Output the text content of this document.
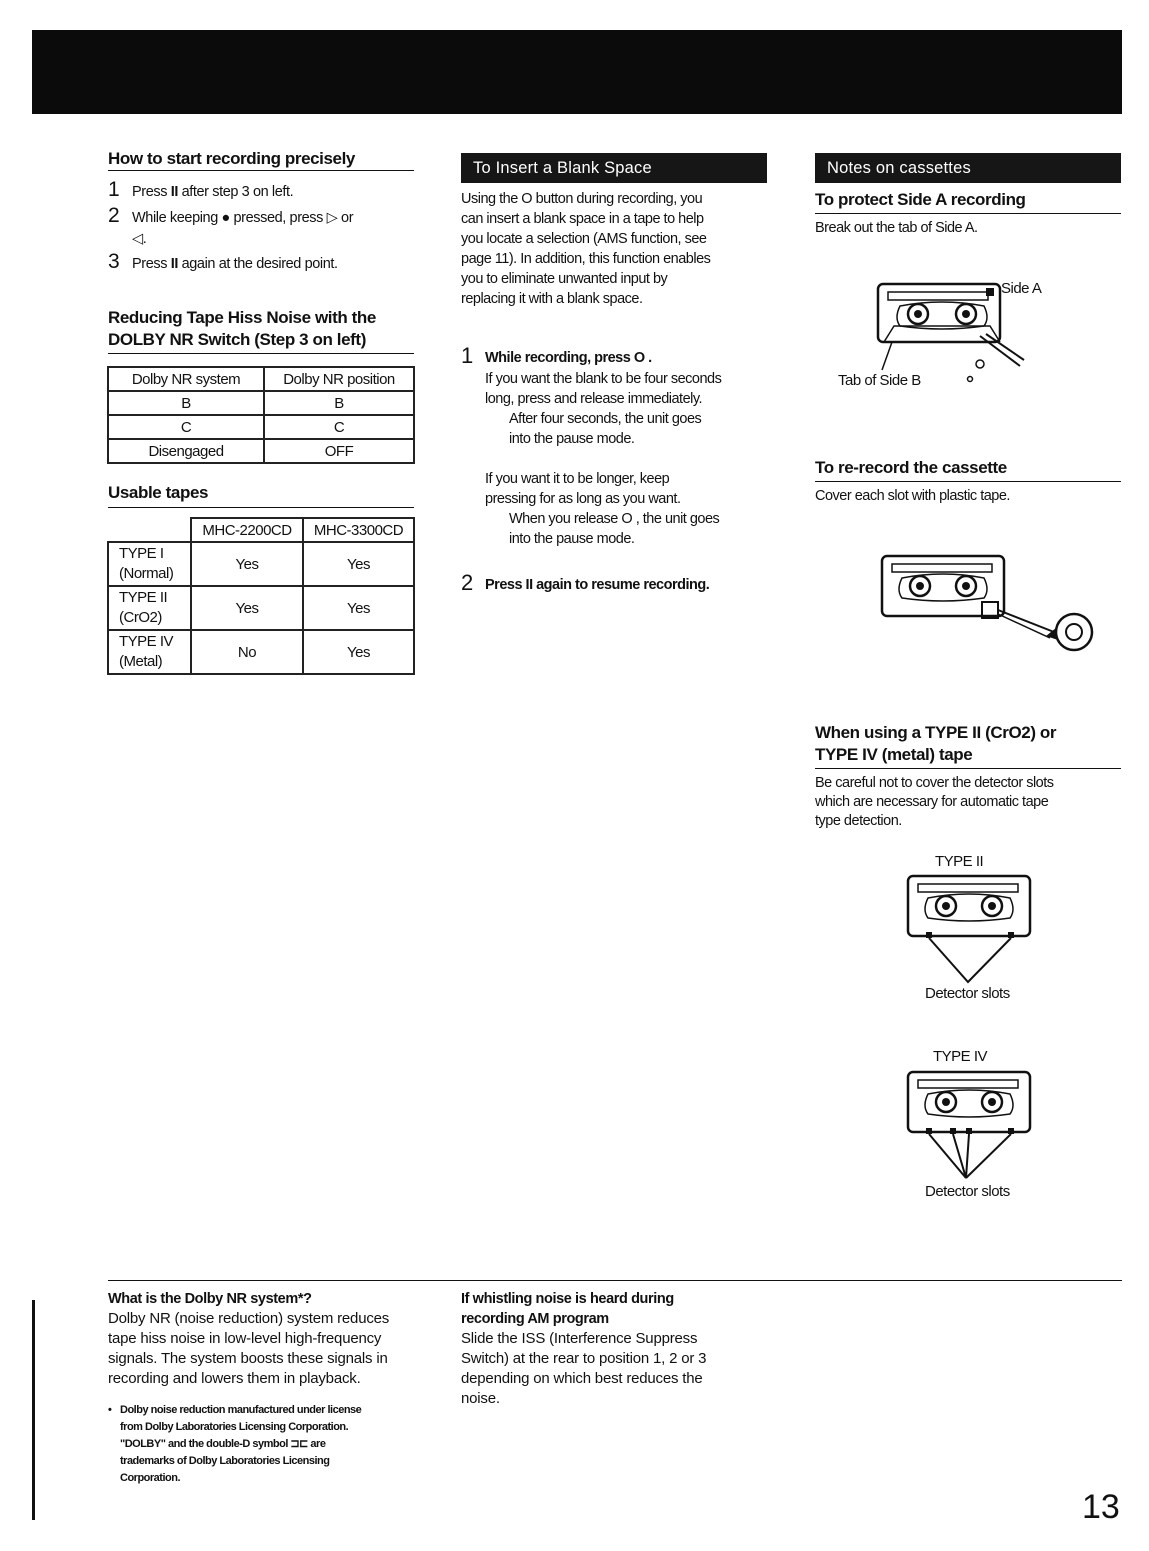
How to start recording precisely
1 Press II after step 3 on left.
2 While keeping ● pressed, press ▷ or
◁.
3 Press II again at the desired point.
Reducing Tape Hiss Noise with the
DOLBY NR Switch (Step 3 on left)
Dolby NR system	Dolby NR position
B	B
C	C
Disengaged	OFF
Usable tapes
	MHC-2200CD	MHC-3300CD

TYPE I
(Normal)	Yes	Yes

TYPE II
(CrO2)	Yes	Yes

TYPE IV
(Metal)	No	Yes
To Insert a Blank Space
Using the O button during recording, you
can insert a blank space in a tape to help
you locate a selection (AMS function, see
page 11). In addition, this function enables
you to eliminate unwanted input by
replacing it with a blank space.
1 While recording, press O .
If you want the blank to be four seconds
long, press and release immediately.
After four seconds, the unit goes
into the pause mode.
If you want it to be longer, keep
pressing for as long as you want.
When you release O , the unit goes
into the pause mode.
2 Press II again to resume recording.
Notes on cassettes
To protect Side A recording
Break out the tab of Side A.
Side A
Tab of Side B
To re-record the cassette
Cover each slot with plastic tape.
When using a TYPE II (CrO2) or
TYPE IV (metal) tape
Be careful not to cover the detector slots
which are necessary for automatic tape
type detection.
TYPE II
Detector slots
TYPE IV
Detector slots
What is the Dolby NR system*?
Dolby NR (noise reduction) system reduces
tape hiss noise in low-level high-frequency
signals. The system boosts these signals in
recording and lowers them in playback.
• Dolby noise reduction manufactured under license
from Dolby Laboratories Licensing Corporation.
"DOLBY" and the double-D symbol ⊐⊏ are
trademarks of Dolby Laboratories Licensing
Corporation.
If whistling noise is heard during
recording AM program
Slide the ISS (Interference Suppress
Switch) at the rear to position 1, 2 or 3
depending on which best reduces the
noise.
13
